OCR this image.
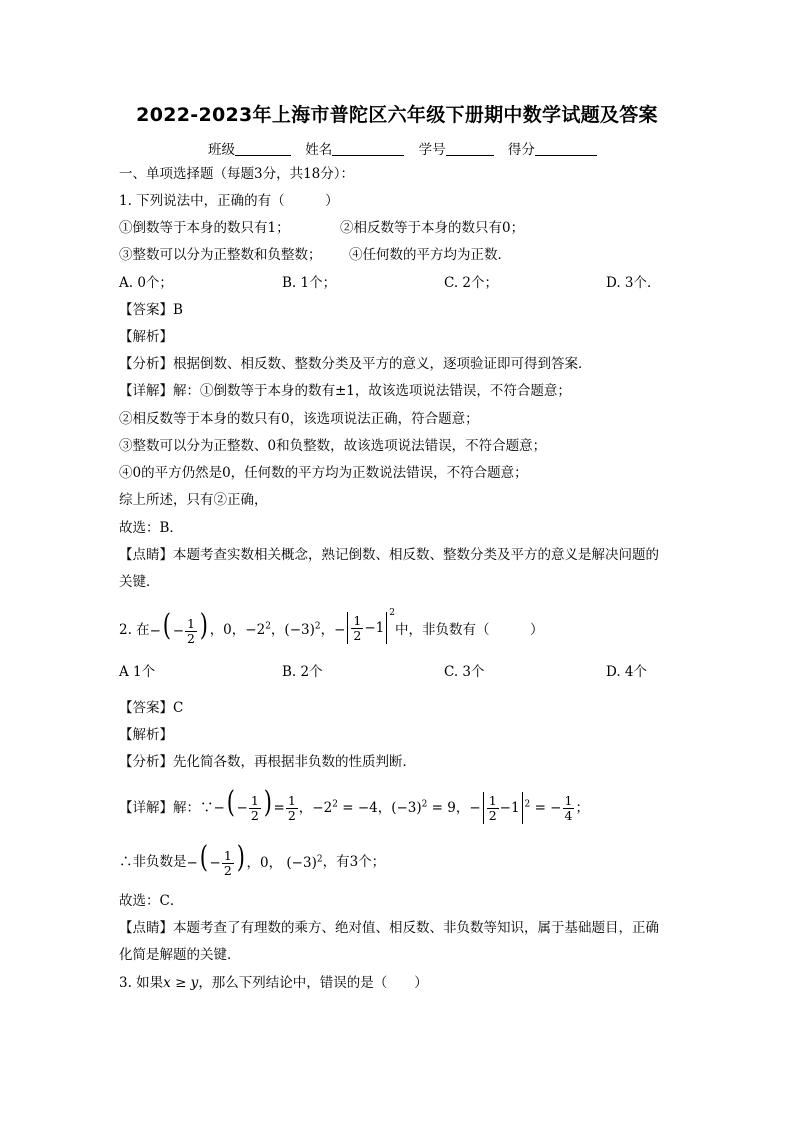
2022-2023年上海市普陀区六年级下册期中数学试题及答案
班级	姓名	学号	得分
一、单项选择题（每题3分，共18分）：
1. 下列说法中，正确的有（　　　）
①倒数等于本身的数只有1；	②相反数等于本身的数只有0；
③整数可以分为正整数和负整数； ④任何数的平方均为正数．
A. 0个；	B. 1个；	C. 2个；	D. 3个．
【答案】B
【解析】
【分析】根据倒数、相反数、整数分类及平方的意义，逐项验证即可得到答案．
【详解】解：①倒数等于本身的数有±1，故该选项说法错误，不符合题意；
②相反数等于本身的数只有0，该选项说法正确，符合题意；
③整数可以分为正整数、0和负整数，故该选项说法错误，不符合题意；
④0的平方仍然是0，任何数的平方均为正数说法错误，不符合题意；
综上所述，只有②正确，
故选：B．
【点睛】本题考查实数相关概念，熟记倒数、相反数、整数分类及平方的意义是解决问题的
关键．
2. 在 −( − $\frac{1}{2}$ ) ，0，$-2^2$，$(-3)^2$，− $\frac{1}{2} -1$
$^2$
中，非负数有（　　　）
A 1个	B. 2个	C. 3个	D. 4个
【答案】C
【解析】
【分析】先化简各数，再根据非负数的性质判断．
【详解】解：∵ −( − $\frac{1}{2}$ ) = $\frac{1}{2}$ ，$-2^2 = -4$，$(-3)^2 = 9$，− $\frac{1}{2} -1$ $^2$ = − $\frac{1}{4}$ ；
∴非负数是 −( − $\frac{1}{2}$ ) ，0， $(-3)^2$ ，有3个；
故选：C．
【点睛】本题考查了有理数的乘方、绝对值、相反数、非负数等知识，属于基础题目，正确
化简是解题的关键．
3. 如果x ≥ y，那么下列结论中，错误的是（　　）
